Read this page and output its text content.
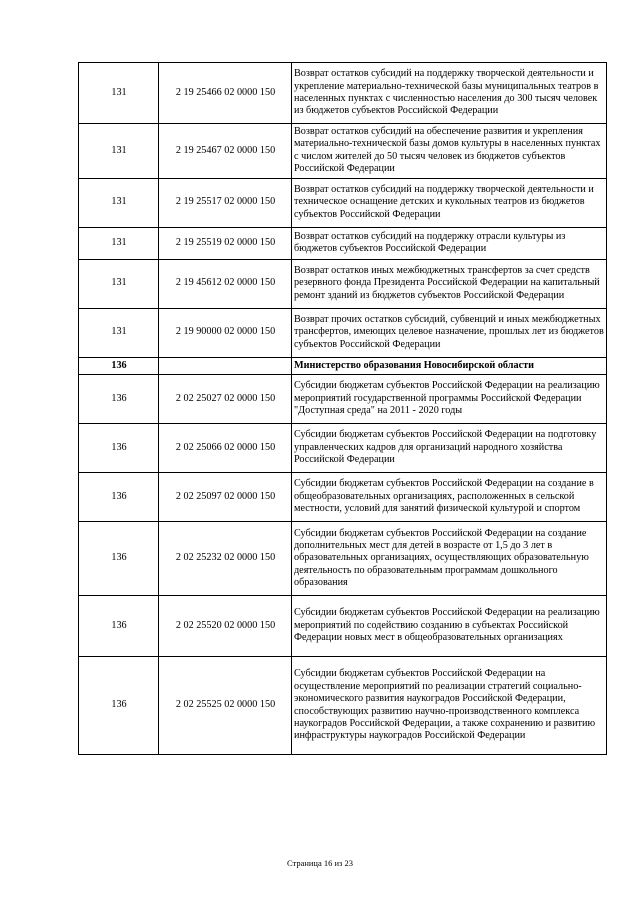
131	2 19 25466 02 0000 150	Возврат остатков субсидий на поддержку творческой деятельности и укрепление материально-технической базы муниципальных театров в населенных пунктах с численностью населения до 300 тысяч человек из бюджетов субъектов Российской Федерации
131	2 19 25467 02 0000 150	Возврат остатков субсидий на обеспечение развития и укрепления материально-технической базы домов культуры в населенных пунктах с числом жителей до 50 тысяч человек из бюджетов субъектов Российской Федерации
131	2 19 25517 02 0000 150	Возврат остатков субсидий на поддержку творческой деятельности и техническое оснащение детских и кукольных театров из бюджетов субъектов Российской Федерации
131	2 19 25519 02 0000 150	Возврат остатков субсидий на поддержку отрасли культуры из бюджетов субъектов Российской Федерации
131	2 19 45612 02 0000 150	Возврат остатков иных межбюджетных трансфертов за счет средств резервного фонда Президента Российской Федерации на капитальный ремонт зданий из бюджетов субъектов Российской Федерации
131	2 19 90000 02 0000 150	Возврат прочих остатков субсидий, субвенций и иных межбюджетных трансфертов, имеющих целевое назначение, прошлых лет из бюджетов субъектов Российской Федерации
136		Министерство образования Новосибирской области
136	2 02 25027 02 0000 150	Субсидии бюджетам субъектов Российской Федерации на реализацию мероприятий государственной программы Российской Федерации "Доступная среда" на 2011 - 2020 годы
136	2 02 25066 02 0000 150	Субсидии бюджетам субъектов Российской Федерации на подготовку управленческих кадров для организаций народного хозяйства Российской Федерации
136	2 02 25097 02 0000 150	Субсидии бюджетам субъектов Российской Федерации на создание в общеобразовательных организациях, расположенных в сельской местности, условий для занятий физической культурой и спортом
136	2 02 25232 02 0000 150	Субсидии бюджетам субъектов Российской Федерации на создание дополнительных мест для детей в возрасте от 1,5 до 3 лет в образовательных организациях, осуществляющих образовательную деятельность по образовательным программам дошкольного образования
136	2 02 25520 02 0000 150	Субсидии бюджетам субъектов Российской Федерации на реализацию мероприятий по содействию созданию в субъектах Российской Федерации новых мест в общеобразовательных организациях
136	2 02 25525 02 0000 150	Субсидии бюджетам субъектов Российской Федерации на осуществление мероприятий по реализации стратегий социально-экономического развития наукоградов Российской Федерации, способствующих развитию научно-производственного комплекса наукоградов Российской Федерации, а также сохранению и развитию инфраструктуры наукоградов Российской Федерации
Страница 16 из 23
